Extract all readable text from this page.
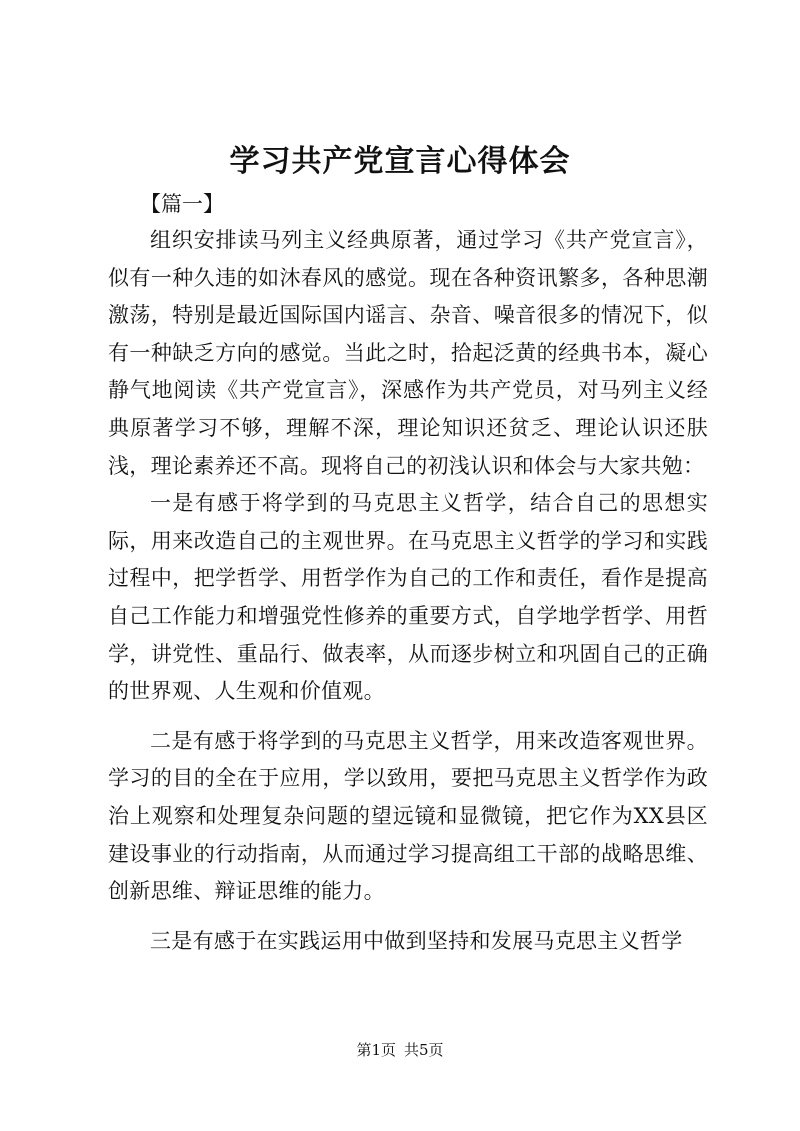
学习共产党宣言心得体会
【篇一】

组织安排读马列主义经典原著，通过学习《共产党宣言》，似有一种久违的如沐春风的感觉。现在各种资讯繁多，各种思潮激荡，特别是最近国际国内谣言、杂音、噪音很多的情况下，似有一种缺乏方向的感觉。当此之时，拾起泛黄的经典书本，凝心静气地阅读《共产党宣言》，深感作为共产党员，对马列主义经典原著学习不够，理解不深，理论知识还贫乏、理论认识还肤浅，理论素养还不高。现将自己的初浅认识和体会与大家共勉：

一是有感于将学到的马克思主义哲学，结合自己的思想实际，用来改造自己的主观世界。在马克思主义哲学的学习和实践过程中，把学哲学、用哲学作为自己的工作和责任，看作是提高自己工作能力和增强党性修养的重要方式，自学地学哲学、用哲学，讲党性、重品行、做表率，从而逐步树立和巩固自己的正确的世界观、人生观和价值观。

二是有感于将学到的马克思主义哲学，用来改造客观世界。学习的目的全在于应用，学以致用，要把马克思主义哲学作为政治上观察和处理复杂问题的望远镜和显微镜，把它作为XX县区建设事业的行动指南，从而通过学习提高组工干部的战略思维、创新思维、辩证思维的能力。

三是有感于在实践运用中做到坚持和发展马克思主义哲学

第1页 共5页
